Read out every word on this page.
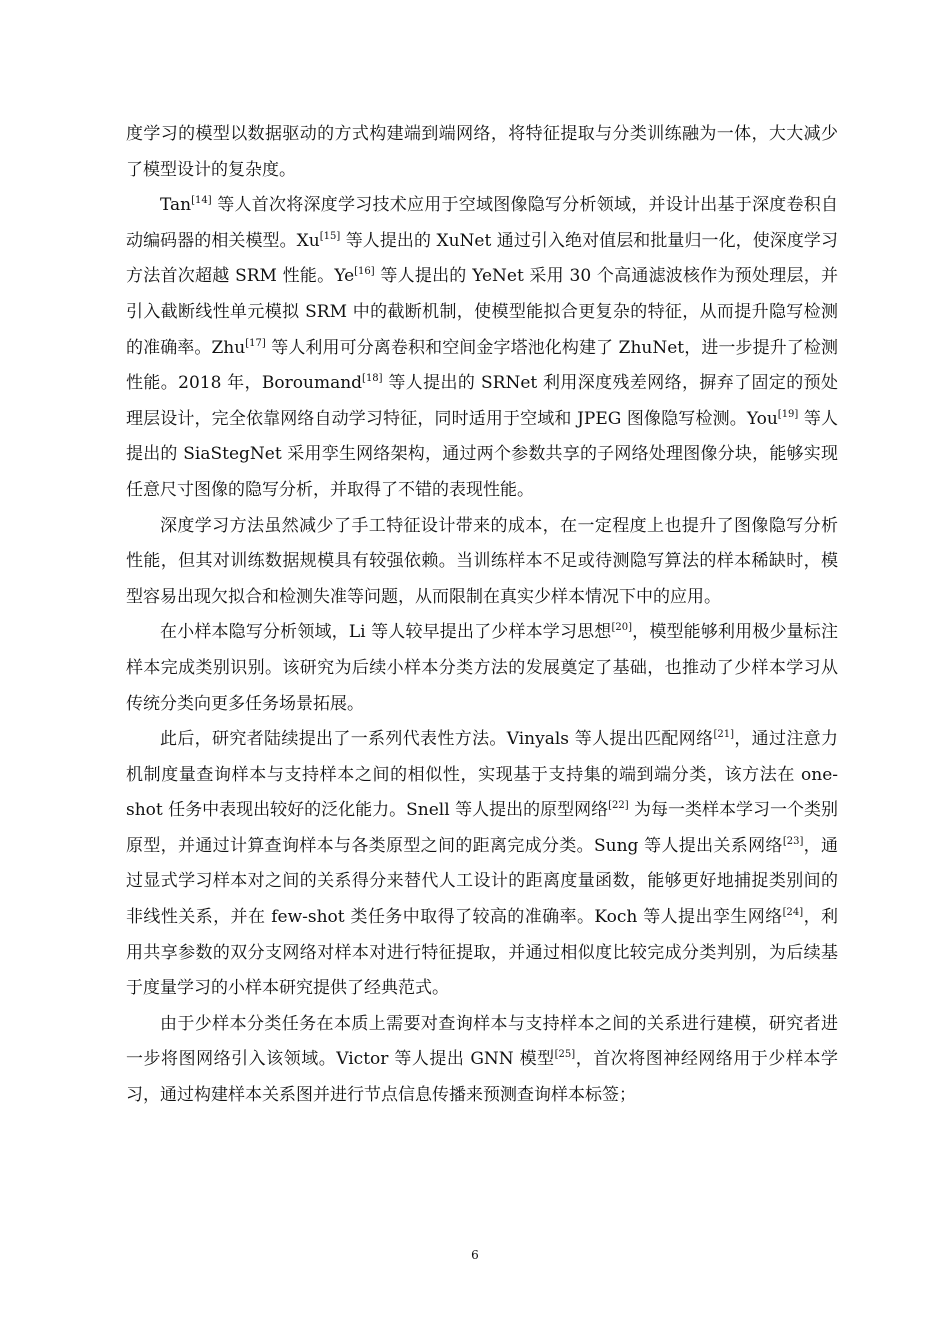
度学习的模型以数据驱动的方式构建端到端网络，将特征提取与分类训练融为一体，大大减少了模型设计的复杂度。

Tan[14] 等人首次将深度学习技术应用于空域图像隐写分析领域，并设计出基于深度卷积自动编码器的相关模型。Xu[15] 等人提出的 XuNet 通过引入绝对值层和批量归一化，使深度学习方法首次超越 SRM 性能。Ye[16] 等人提出的 YeNet 采用 30 个高通滤波核作为预处理层，并引入截断线性单元模拟 SRM 中的截断机制，使模型能拟合更复杂的特征，从而提升隐写检测的准确率。Zhu[17] 等人利用可分离卷积和空间金字塔池化构建了 ZhuNet，进一步提升了检测性能。2018 年，Boroumand[18] 等人提出的 SRNet 利用深度残差网络，摒弃了固定的预处理层设计，完全依靠网络自动学习特征，同时适用于空域和 JPEG 图像隐写检测。You[19] 等人提出的 SiaStegNet 采用孪生网络架构，通过两个参数共享的子网络处理图像分块，能够实现任意尺寸图像的隐写分析，并取得了不错的表现性能。

深度学习方法虽然减少了手工特征设计带来的成本，在一定程度上也提升了图像隐写分析性能，但其对训练数据规模具有较强依赖。当训练样本不足或待测隐写算法的样本稀缺时，模型容易出现欠拟合和检测失准等问题，从而限制在真实少样本情况下中的应用。

在小样本隐写分析领域，Li 等人较早提出了少样本学习思想[20]，模型能够利用极少量标注样本完成类别识别。该研究为后续小样本分类方法的发展奠定了基础，也推动了少样本学习从传统分类向更多任务场景拓展。

此后，研究者陆续提出了一系列代表性方法。Vinyals 等人提出匹配网络[21]，通过注意力机制度量查询样本与支持样本之间的相似性，实现基于支持集的端到端分类，该方法在 one-shot 任务中表现出较好的泛化能力。Snell 等人提出的原型网络[22] 为每一类样本学习一个类别原型，并通过计算查询样本与各类原型之间的距离完成分类。Sung 等人提出关系网络[23]，通过显式学习样本对之间的关系得分来替代人工设计的距离度量函数，能够更好地捕捉类别间的非线性关系，并在 few-shot 类任务中取得了较高的准确率。Koch 等人提出孪生网络[24]，利用共享参数的双分支网络对样本对进行特征提取，并通过相似度比较完成分类判别，为后续基于度量学习的小样本研究提供了经典范式。

由于少样本分类任务在本质上需要对查询样本与支持样本之间的关系进行建模，研究者进一步将图网络引入该领域。Victor 等人提出 GNN 模型[25]，首次将图神经网络用于少样本学习，通过构建样本关系图并进行节点信息传播来预测查询样本标签；

6
